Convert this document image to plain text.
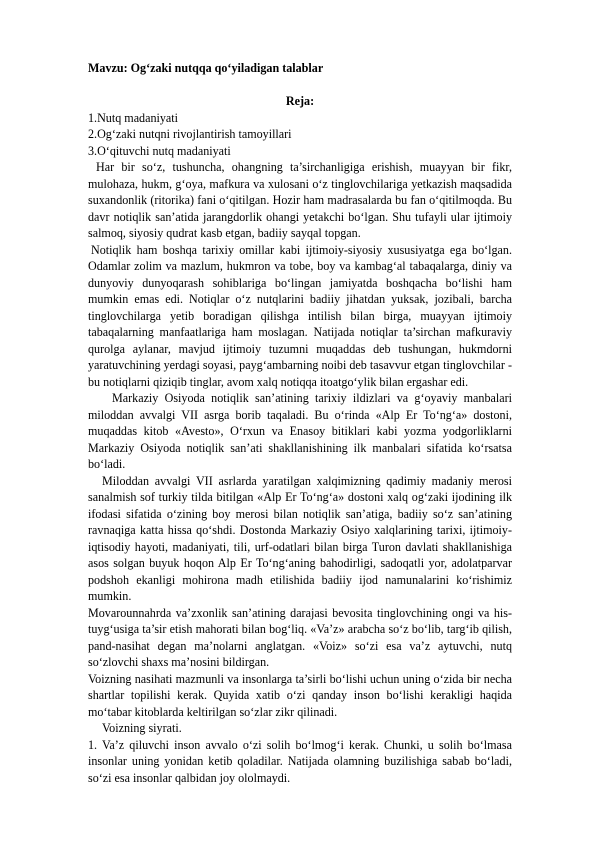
Mavzu: Og‘zaki nutqqa qo‘yiladigan talablar

Reja:

1.Nutq madaniyati
2.Og‘zaki nutqni rivojlantirish tamoyillari
3.O‘qituvchi nutq madaniyati

Har bir so‘z, tushuncha, ohangning ta’sirchanligiga erishish, muayyan bir fikr, mulohaza, hukm, g‘oya, mafkura va xulosani o‘z tinglovchilariga yetkazish maqsadida suxandonlik (ritorika) fani o‘qitilgan. Hozir ham madrasalarda bu fan o‘qitilmoqda. Bu davr notiqlik san’atida jarangdorlik ohangi yetakchi bo‘lgan. Shu tufayli ular ijtimoiy salmoq, siyosiy qudrat kasb etgan, badiiy sayqal topgan.

Notiqlik ham boshqa tarixiy omillar kabi ijtimoiy-siyosiy xususiyatga ega bo‘lgan. Odamlar zolim va mazlum, hukmron va tobe, boy va kambag‘al tabaqalarga, diniy va dunyoviy dunyoqarash sohiblariga bo‘lingan jamiyatda boshqacha bo‘lishi ham mumkin emas edi. Notiqlar o‘z nutqlarini badiiy jihatdan yuksak, jozibali, barcha tinglovchilarga yetib boradigan qilishga intilish bilan birga, muayyan ijtimoiy tabaqalarning manfaatlariga ham moslagan. Natijada notiqlar ta’sirchan mafkuraviy qurolga aylanar, mavjud ijtimoiy tuzumni muqaddas deb tushungan, hukmdorni yaratuvchining yerdagi soyasi, payg‘ambarning noibi deb tasavvur etgan tinglovchilar - bu notiqlarni qiziqib tinglar, avom xalq notiqqa itoatgo‘ylik bilan ergashar edi.

Markaziy Osiyoda notiqlik san’atining tarixiy ildizlari va g‘oyaviy manbalari miloddan avvalgi VII asrga borib taqaladi. Bu o‘rinda «Alp Er To‘ng‘a» dostoni, muqaddas kitob «Avesto», O‘rxun va Enasoy bitiklari kabi yozma yodgorliklarni Markaziy Osiyoda notiqlik san’ati shakllanishining ilk manbalari sifatida ko‘rsatsa bo‘ladi.

Miloddan avvalgi VII asrlarda yaratilgan xalqimizning qadimiy madaniy merosi sanalmish sof turkiy tilda bitilgan «Alp Er To‘ng‘a» dostoni xalq og‘zaki ijodining ilk ifodasi sifatida o‘zining boy merosi bilan notiqlik san’atiga, badiiy so‘z san’atining ravnaqiga katta hissa qo‘shdi. Dostonda Markaziy Osiyo xalqlarining tarixi, ijtimoiy-iqtisodiy hayoti, madaniyati, tili, urf-odatlari bilan birga Turon davlati shakllanishiga asos solgan buyuk hoqon Alp Er To‘ng‘aning bahodirligi, sadoqatli yor, adolatparvar podshoh ekanligi mohirona madh etilishida badiiy ijod namunalarini ko‘rishimiz mumkin.

Movarounnahrda va’zxonlik san’atining darajasi bevosita tinglovchining ongi va his-tuyg‘usiga ta’sir etish mahorati bilan bog‘liq. «Va’z» arabcha so‘z bo‘lib, targ‘ib qilish, pand-nasihat degan ma’nolarni anglatgan. «Voiz» so‘zi esa va’z aytuvchi, nutq so‘zlovchi shaxs ma’nosini bildirgan.

Voizning nasihati mazmunli va insonlarga ta’sirli bo‘lishi uchun uning o‘zida bir necha shartlar topilishi kerak. Quyida xatib o‘zi qanday inson bo‘lishi kerakligi haqida mo‘tabar kitoblarda keltirilgan so‘zlar zikr qilinadi.

Voizning siyrati.

1. Va’z qiluvchi inson avvalo o‘zi solih bo‘lmog‘i kerak. Chunki, u solih bo‘lmasa insonlar uning yonidan ketib qoladilar. Natijada olamning buzilishiga sabab bo‘ladi, so‘zi esa insonlar qalbidan joy ololmaydi.
